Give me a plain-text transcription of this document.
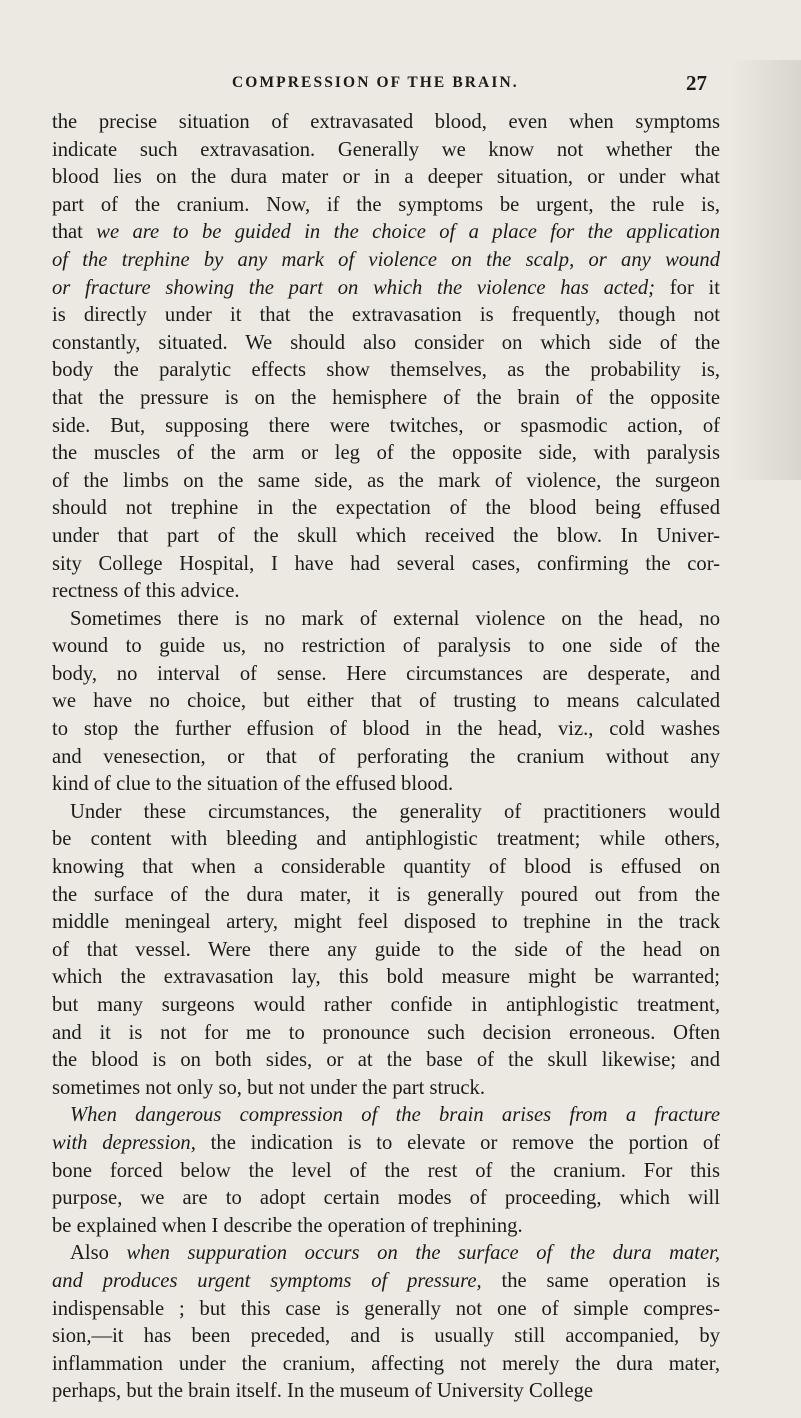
COMPRESSION OF THE BRAIN.	27
the precise situation of extravasated blood, even when symptoms
indicate such extravasation. Generally we know not whether the
blood lies on the dura mater or in a deeper situation, or under what
part of the cranium. Now, if the symptoms be urgent, the rule is,
that we are to be guided in the choice of a place for the application
of the trephine by any mark of violence on the scalp, or any wound
or fracture showing the part on which the violence has acted; for it
is directly under it that the extravasation is frequently, though not
constantly, situated. We should also consider on which side of the
body the paralytic effects show themselves, as the probability is,
that the pressure is on the hemisphere of the brain of the opposite
side. But, supposing there were twitches, or spasmodic action, of
the muscles of the arm or leg of the opposite side, with paralysis
of the limbs on the same side, as the mark of violence, the surgeon
should not trephine in the expectation of the blood being effused
under that part of the skull which received the blow. In Univer-
sity College Hospital, I have had several cases, confirming the cor-
rectness of this advice.
Sometimes there is no mark of external violence on the head, no
wound to guide us, no restriction of paralysis to one side of the
body, no interval of sense. Here circumstances are desperate, and
we have no choice, but either that of trusting to means calculated
to stop the further effusion of blood in the head, viz., cold washes
and venesection, or that of perforating the cranium without any
kind of clue to the situation of the effused blood.
Under these circumstances, the generality of practitioners would
be content with bleeding and antiphlogistic treatment; while others,
knowing that when a considerable quantity of blood is effused on
the surface of the dura mater, it is generally poured out from the
middle meningeal artery, might feel disposed to trephine in the track
of that vessel. Were there any guide to the side of the head on
which the extravasation lay, this bold measure might be warranted;
but many surgeons would rather confide in antiphlogistic treatment,
and it is not for me to pronounce such decision erroneous. Often
the blood is on both sides, or at the base of the skull likewise; and
sometimes not only so, but not under the part struck.
When dangerous compression of the brain arises from a fracture
with depression, the indication is to elevate or remove the portion of
bone forced below the level of the rest of the cranium. For this
purpose, we are to adopt certain modes of proceeding, which will
be explained when I describe the operation of trephining.
Also when suppuration occurs on the surface of the dura mater,
and produces urgent symptoms of pressure, the same operation is
indispensable ; but this case is generally not one of simple compres-
sion,—it has been preceded, and is usually still accompanied, by
inflammation under the cranium, affecting not merely the dura mater,
perhaps, but the brain itself. In the museum of University College
